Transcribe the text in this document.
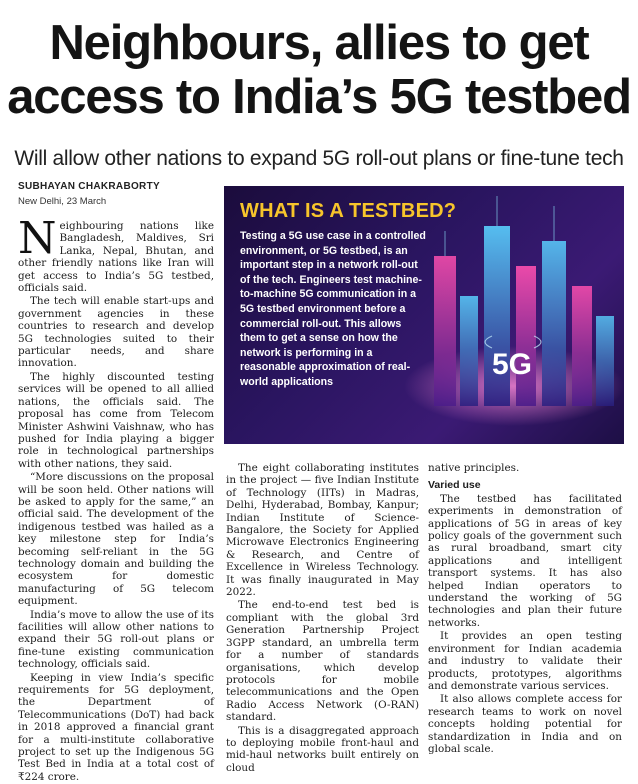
Neighbours, allies to get
access to India’s 5G testbed
Will allow other nations to expand 5G roll-out plans or fine-tune tech
SUBHAYAN CHAKRABORTY
New Delhi, 23 March

Neighbouring nations like Bangladesh, Maldives, Sri Lanka, Nepal, Bhutan, and other friendly nations like Iran will get access to India’s 5G testbed, officials said.

The tech will enable start-ups and government agencies in these countries to research and develop 5G technologies suited to their particular needs, and share innovation.

The highly discounted testing services will be opened to all allied nations, the officials said. The proposal has come from Telecom Minister Ashwini Vaishnaw, who has pushed for India playing a bigger role in technological partnerships with other nations, they said.

“More discussions on the proposal will be soon held. Other nations will be asked to apply for the same,” an official said. The development of the indigenous testbed was hailed as a key milestone step for India’s becoming self-reliant in the 5G technology domain and building the ecosystem for domestic manufacturing of 5G telecom equipment.

India’s move to allow the use of its facilities will allow other nations to expand their 5G roll-out plans or fine-tune existing communication technology, officials said.

Keeping in view India’s specific requirements for 5G deployment, the Department of Telecommunications (DoT) had back in 2018 approved a financial grant for a multi-institute collaborative project to set up the Indigenous 5G Test Bed in India at a total cost of ₹224 crore.

5G
WHAT IS A TESTBED?
Testing a 5G use case in a controlled environment, or 5G testbed, is an important step in a network roll-out of the tech. Engineers test machine-to-machine 5G communication in a 5G testbed environment before a commercial roll-out. This allows them to get a sense on how the network is performing in a reasonable approximation of real-world applications

The eight collaborating institutes in the project — five Indian Institute of Technology (IITs) in Madras, Delhi, Hyderabad, Bombay, Kanpur; Indian Institute of Science-Bangalore, the Society for Applied Microwave Electronics Engineering & Research, and Centre of Excellence in Wireless Technology. It was finally inaugurated in May 2022.

The end-to-end test bed is compliant with the global 3rd Generation Partnership Project 3GPP standard, an umbrella term for a number of standards organisations, which develop protocols for mobile telecommunications and the Open Radio Access Network (O-RAN) standard.

This is a disaggregated approach to deploying mobile front-haul and mid-haul networks built entirely on cloud

native principles.

Varied use

The testbed has facilitated experiments in demonstration of applications of 5G in areas of key policy goals of the government such as rural broadband, smart city applications and intelligent transport systems. It has also helped Indian operators to understand the working of 5G technologies and plan their future networks.

It provides an open testing environment for Indian academia and industry to validate their products, prototypes, algorithms and demonstrate various services.

It also allows complete access for research teams to work on novel concepts holding potential for standardization in India and on global scale.
